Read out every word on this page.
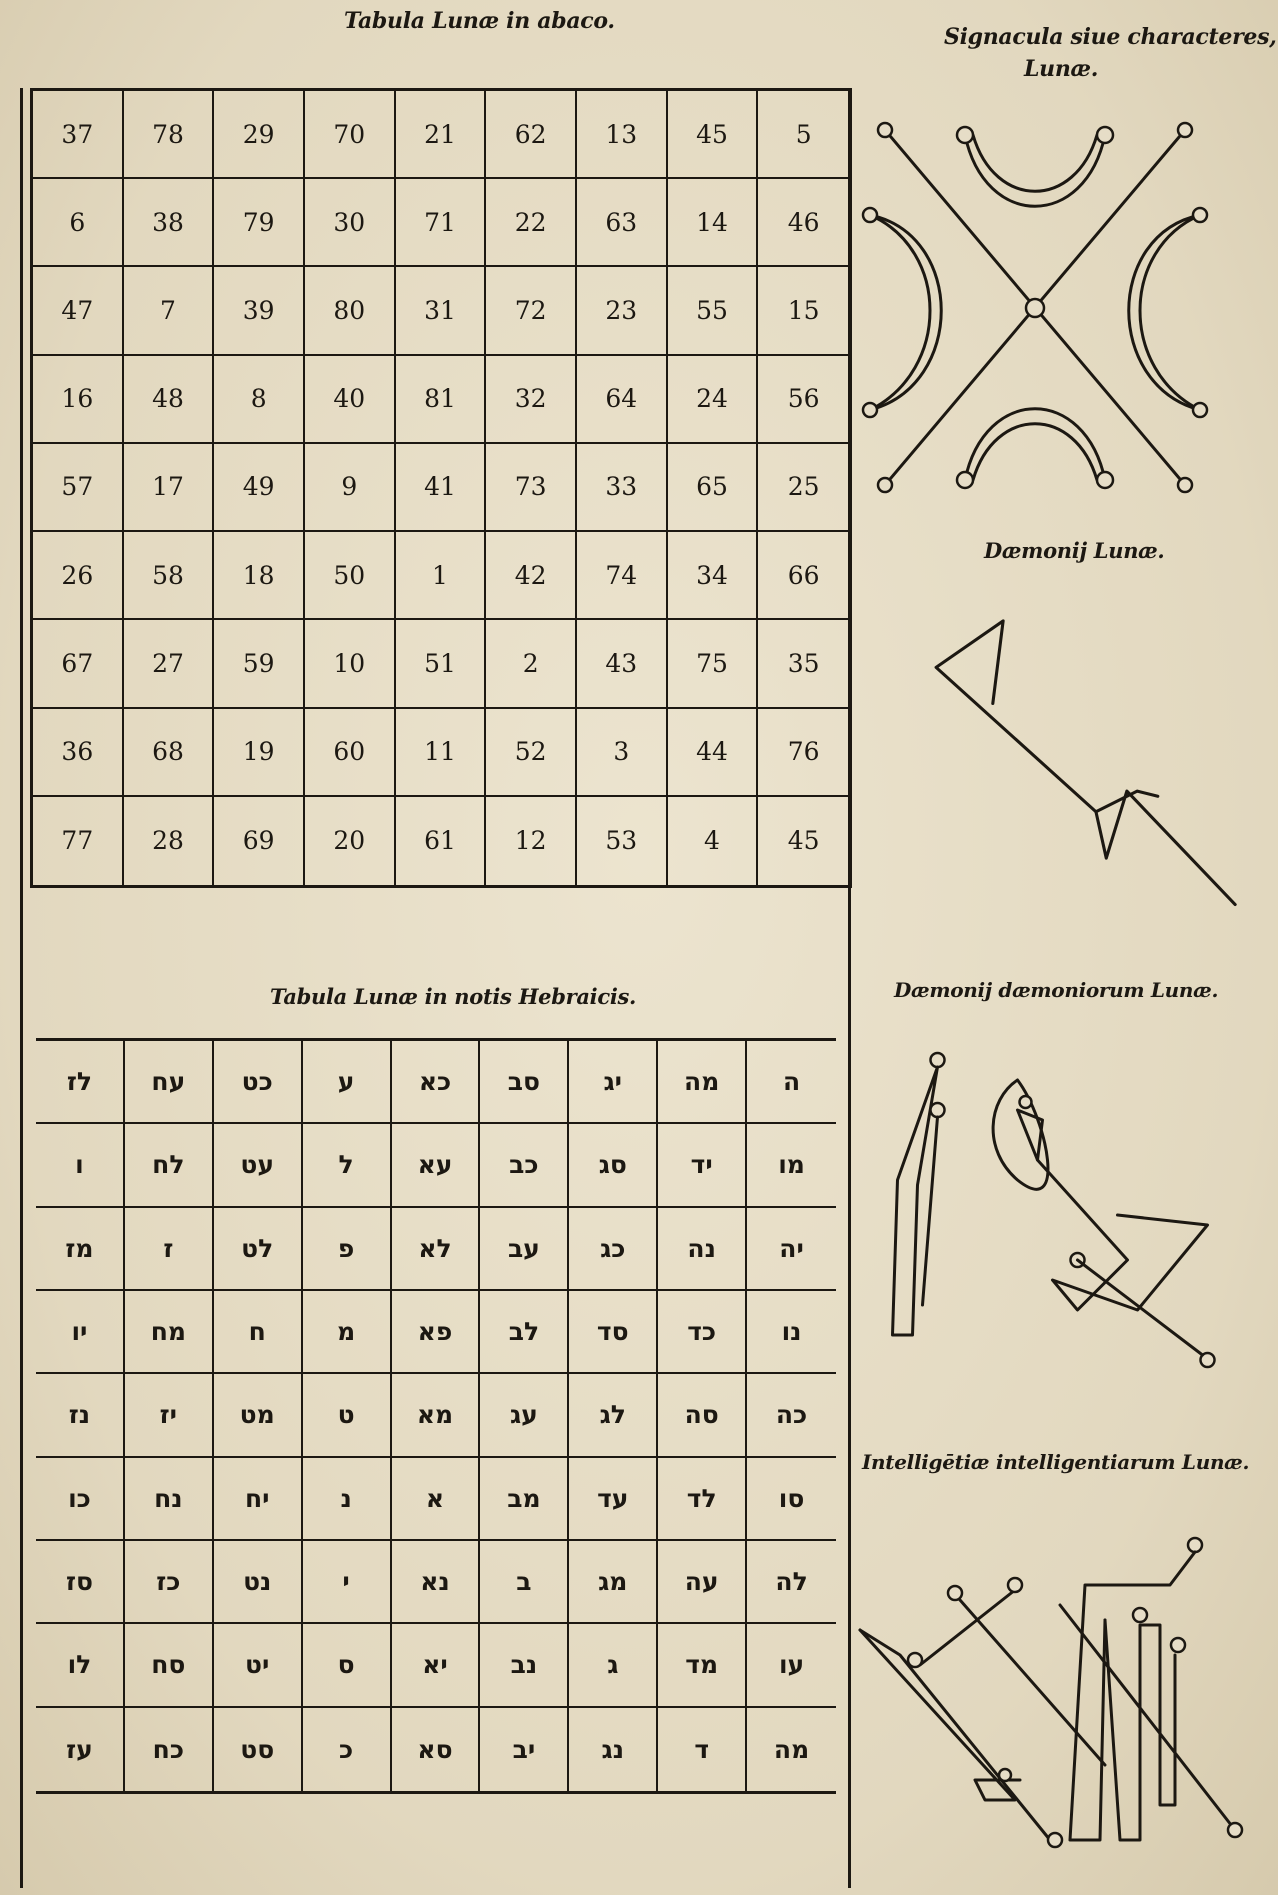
Tabula Lunæ in abaco.
37	78	29	70	21	62	13	45	5
6	38	79	30	71	22	63	14	46
47	7	39	80	31	72	23	55	15
16	48	8	40	81	32	64	24	56
57	17	49	9	41	73	33	65	25
26	58	18	50	1	42	74	34	66
67	27	59	10	51	2	43	75	35
36	68	19	60	11	52	3	44	76
77	28	69	20	61	12	53	4	45
Signacula siue characteres,
Lunæ.
Dæmonij Lunæ.
Dæmonij dæmoniorum Lunæ.
Intelligētiæ intelligentiarum Lunæ.
Tabula Lunæ in notis Hebraicis.
לז	עח	כט	ע	כא	סב	יג	מה	ה
ו	לח	עט	ל	עא	כב	סג	יד	מו
מז	ז	לט	פ	לא	עב	כג	נה	יה
יו	מח	ח	מ	פא	לב	סד	כד	נו
נז	יז	מט	ט	מא	עג	לג	סה	כה
כו	נח	יח	נ	א	מב	עד	לד	סו
סז	כז	נט	י	נא	ב	מג	עה	לה
לו	סח	יט	ס	יא	נב	ג	מד	עו
עז	כח	סט	כ	סא	יב	נג	ד	מה
